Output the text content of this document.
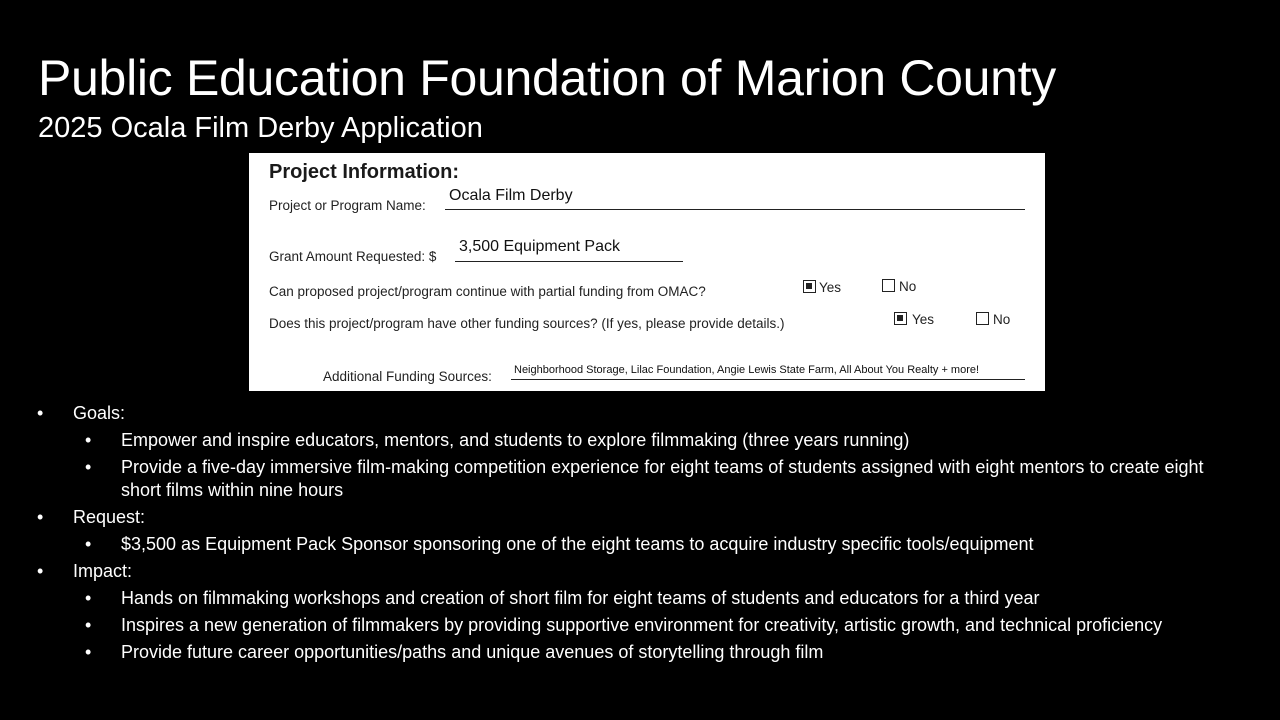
Public Education Foundation of Marion County
2025 Ocala Film Derby Application
Project Information:
Project or Program Name:
Ocala Film Derby
Grant Amount Requested: $
3,500 Equipment Pack
Can proposed project/program continue with partial funding from OMAC?	Yes	No
Does this project/program have other funding sources? (If yes, please provide details.)	Yes	No
Additional Funding Sources: Neighborhood Storage, Lilac Foundation, Angie Lewis State Farm, All About You Realty + more!
• Goals:
• Empower and inspire educators, mentors, and students to explore filmmaking (three years running)
• Provide a five-day immersive film-making competition experience for eight teams of students assigned with eight mentors to create eight short films within nine hours
• Request:
• $3,500 as Equipment Pack Sponsor sponsoring one of the eight teams to acquire industry specific tools/equipment
• Impact:
• Hands on filmmaking workshops and creation of short film for eight teams of students and educators for a third year
• Inspires a new generation of filmmakers by providing supportive environment for creativity, artistic growth, and technical proficiency
• Provide future career opportunities/paths and unique avenues of storytelling through film
